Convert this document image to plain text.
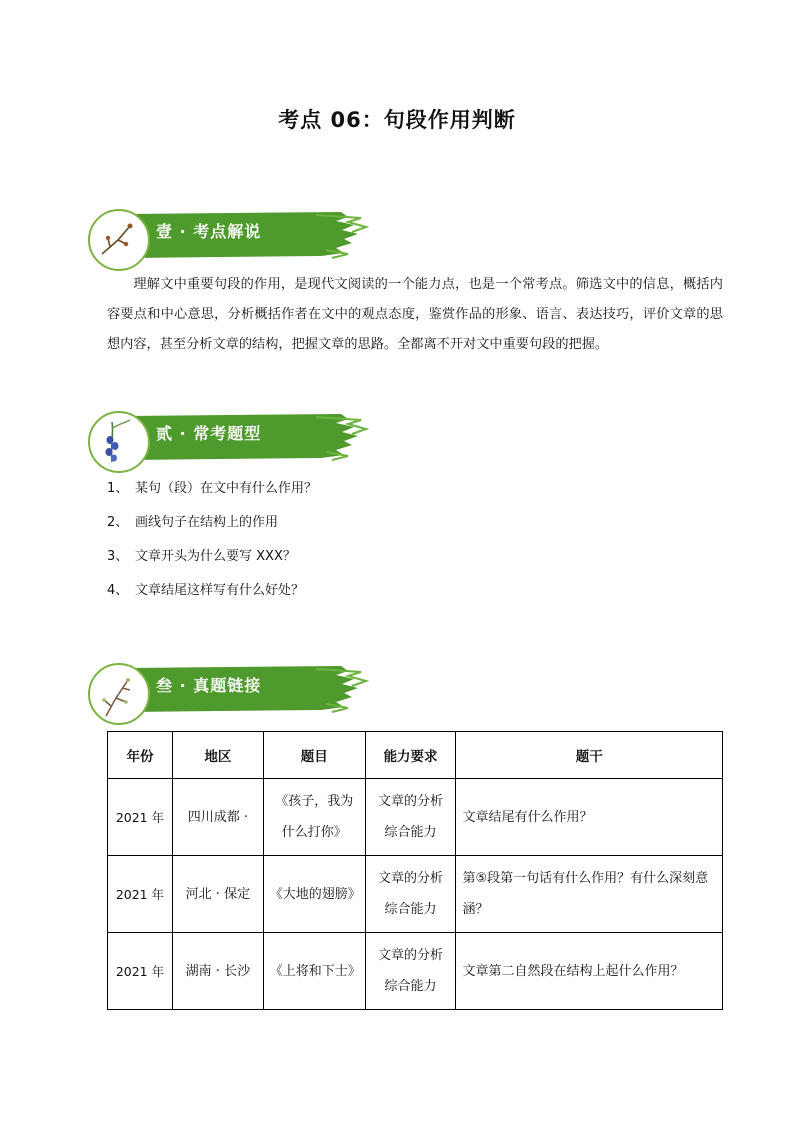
考点 06：句段作用判断
壹 · 考点解说

理解文中重要句段的作用，是现代文阅读的一个能力点，也是一个常考点。筛选文中的信息，概括内容要点和中心意思，分析概括作者在文中的观点态度，鉴赏作品的形象、语言、表达技巧，评价文章的思想内容，甚至分析文章的结构，把握文章的思路。全都离不开对文中重要句段的把握。

贰 · 常考题型
1、 某句（段）在文中有什么作用？
2、 画线句子在结构上的作用
3、 文章开头为什么要写 XXX？
4、 文章结尾这样写有什么好处？
叁 · 真题链接
年份	地区	题目	能力要求	题干
2021 年	四川成都 ·	《孩子，我为什么打你》	文章的分析综合能力	文章结尾有什么作用？
2021 年	河北 · 保定	《大地的翅膀》	文章的分析综合能力	第⑤段第一句话有什么作用？有什么深刻意涵？
2021 年	湖南 · 长沙	《上将和下士》	文章的分析综合能力	文章第二自然段在结构上起什么作用？
